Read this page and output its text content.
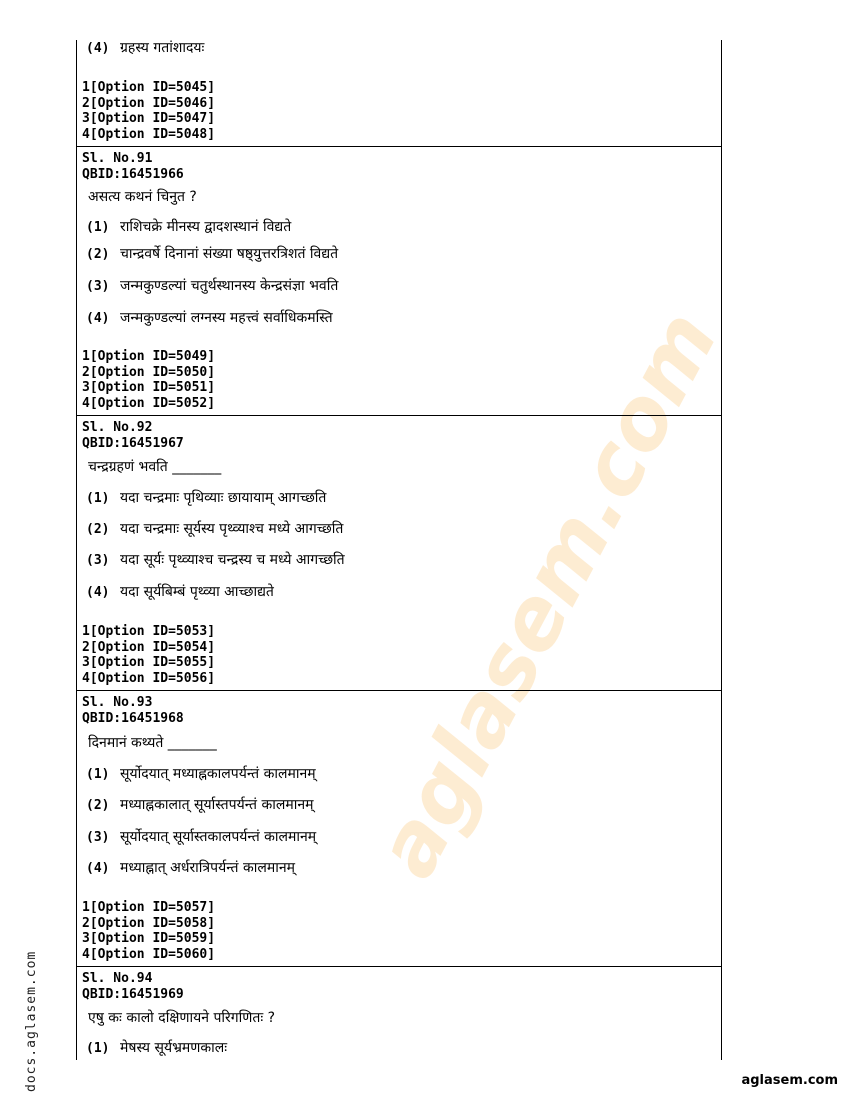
aglasem.com
(4) ग्रहस्य गतांशादयः
1[Option ID=5045]
2[Option ID=5046]
3[Option ID=5047]
4[Option ID=5048]
Sl. No.91
QBID:16451966
असत्य कथनं चिनुत ?
(1) राशिचक्रे मीनस्य द्वादशस्थानं विद्यते
(2) चान्द्रवर्षे दिनानां संख्या षष्ठ्युत्तरत्रिशतं विद्यते
(3) जन्मकुण्डल्यां चतुर्थस्थानस्य केन्द्रसंज्ञा भवति
(4) जन्मकुण्डल्यां लग्नस्य महत्त्वं सर्वाधिकमस्ति
1[Option ID=5049]
2[Option ID=5050]
3[Option ID=5051]
4[Option ID=5052]
Sl. No.92
QBID:16451967
चन्द्रग्रहणं भवति _______
(1) यदा चन्द्रमाः पृथिव्याः छायायाम् आगच्छति
(2) यदा चन्द्रमाः सूर्यस्य पृथ्व्याश्च मध्ये आगच्छति
(3) यदा सूर्यः पृथ्व्याश्च चन्द्रस्य च मध्ये आगच्छति
(4) यदा सूर्यबिम्बं पृथ्व्या आच्छाद्यते
1[Option ID=5053]
2[Option ID=5054]
3[Option ID=5055]
4[Option ID=5056]
Sl. No.93
QBID:16451968
दिनमानं कथ्यते _______
(1) सूर्योदयात् मध्याह्नकालपर्यन्तं कालमानम्
(2) मध्याह्नकालात् सूर्यास्तपर्यन्तं कालमानम्
(3) सूर्योदयात् सूर्यास्तकालपर्यन्तं कालमानम्
(4) मध्याह्नात् अर्धरात्रिपर्यन्तं कालमानम्
1[Option ID=5057]
2[Option ID=5058]
3[Option ID=5059]
4[Option ID=5060]
Sl. No.94
QBID:16451969
एषु कः कालो दक्षिणायने परिगणितः ?
(1) मेषस्य सूर्यभ्रमणकालः
docs.aglasem.com	aglasem.com
